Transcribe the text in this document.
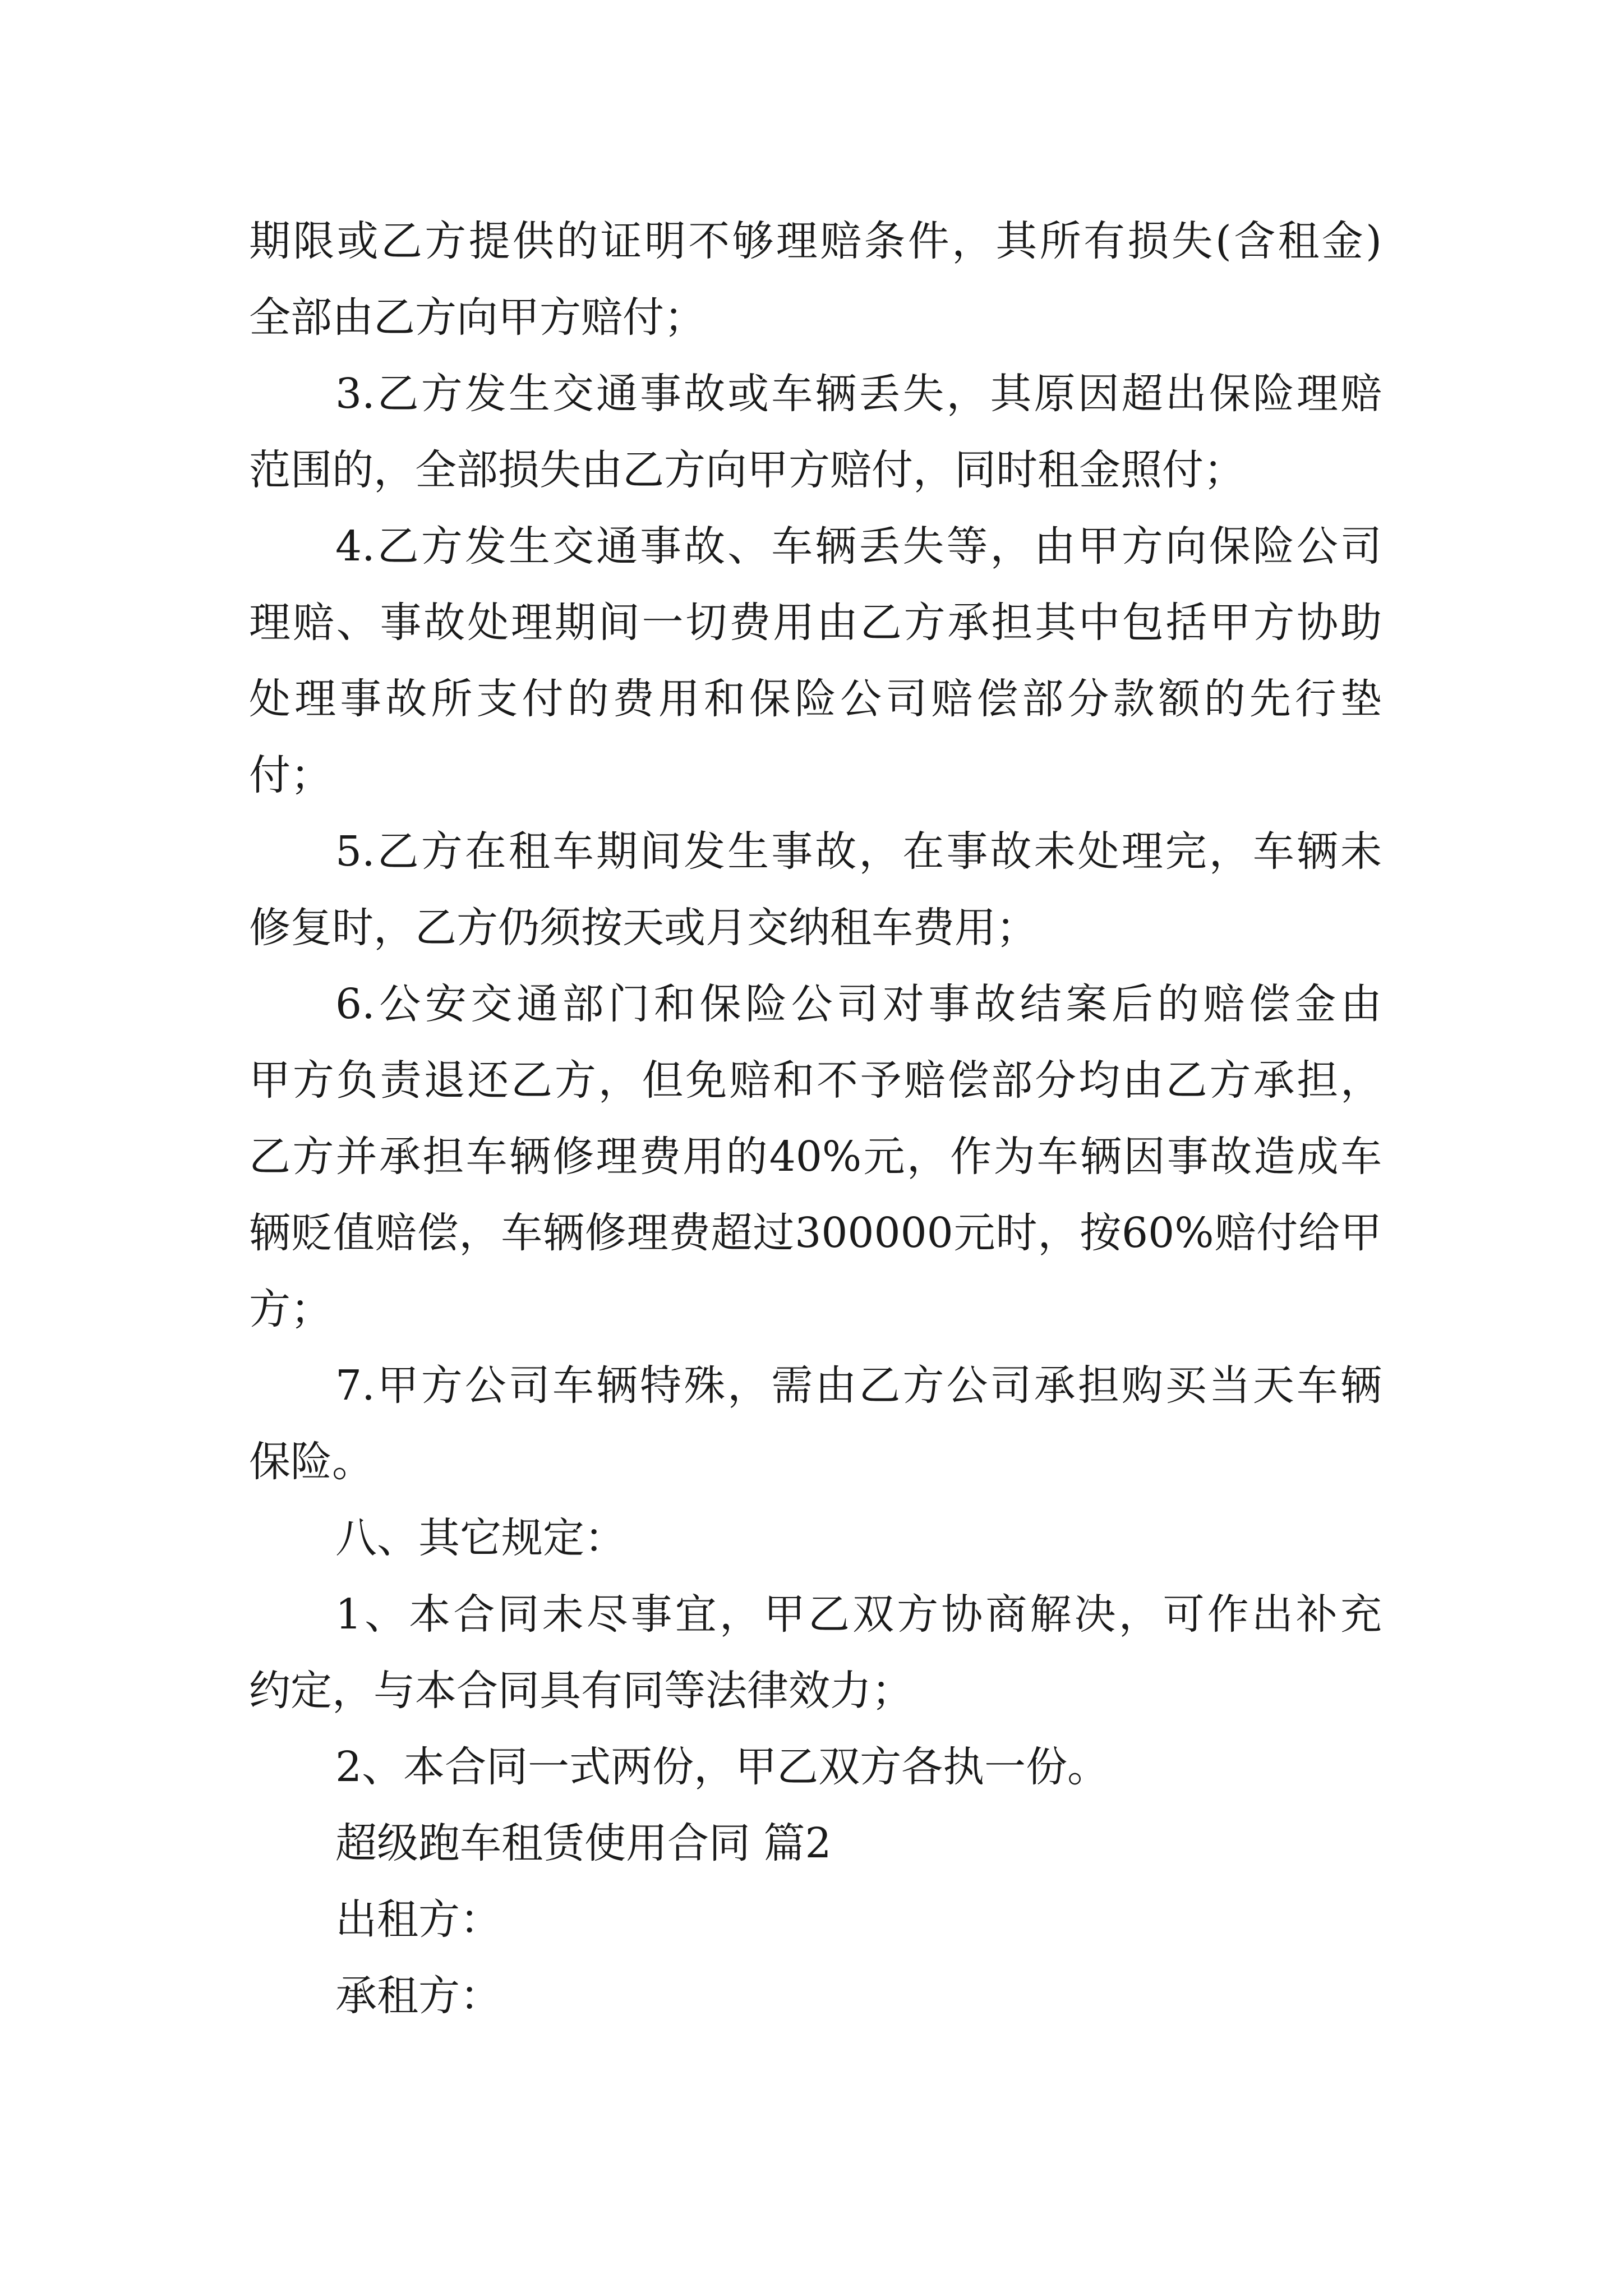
期限或乙方提供的证明不够理赔条件，其所有损失(含租金)
全部由乙方向甲方赔付；
3.乙方发生交通事故或车辆丢失，其原因超出保险理赔
范围的，全部损失由乙方向甲方赔付，同时租金照付；
4.乙方发生交通事故、车辆丢失等，由甲方向保险公司
理赔、事故处理期间一切费用由乙方承担其中包括甲方协助
处理事故所支付的费用和保险公司赔偿部分款额的先行垫
付；
5.乙方在租车期间发生事故，在事故未处理完，车辆未
修复时，乙方仍须按天或月交纳租车费用；
6.公安交通部门和保险公司对事故结案后的赔偿金由
甲方负责退还乙方，但免赔和不予赔偿部分均由乙方承担，
乙方并承担车辆修理费用的40%元，作为车辆因事故造成车
辆贬值赔偿，车辆修理费超过300000元时，按60%赔付给甲
方；
7.甲方公司车辆特殊，需由乙方公司承担购买当天车辆
保险。
八、其它规定：
1、本合同未尽事宜，甲乙双方协商解决，可作出补充
约定，与本合同具有同等法律效力；
2、本合同一式两份，甲乙双方各执一份。
超级跑车租赁使用合同 篇2
出租方：
承租方：
